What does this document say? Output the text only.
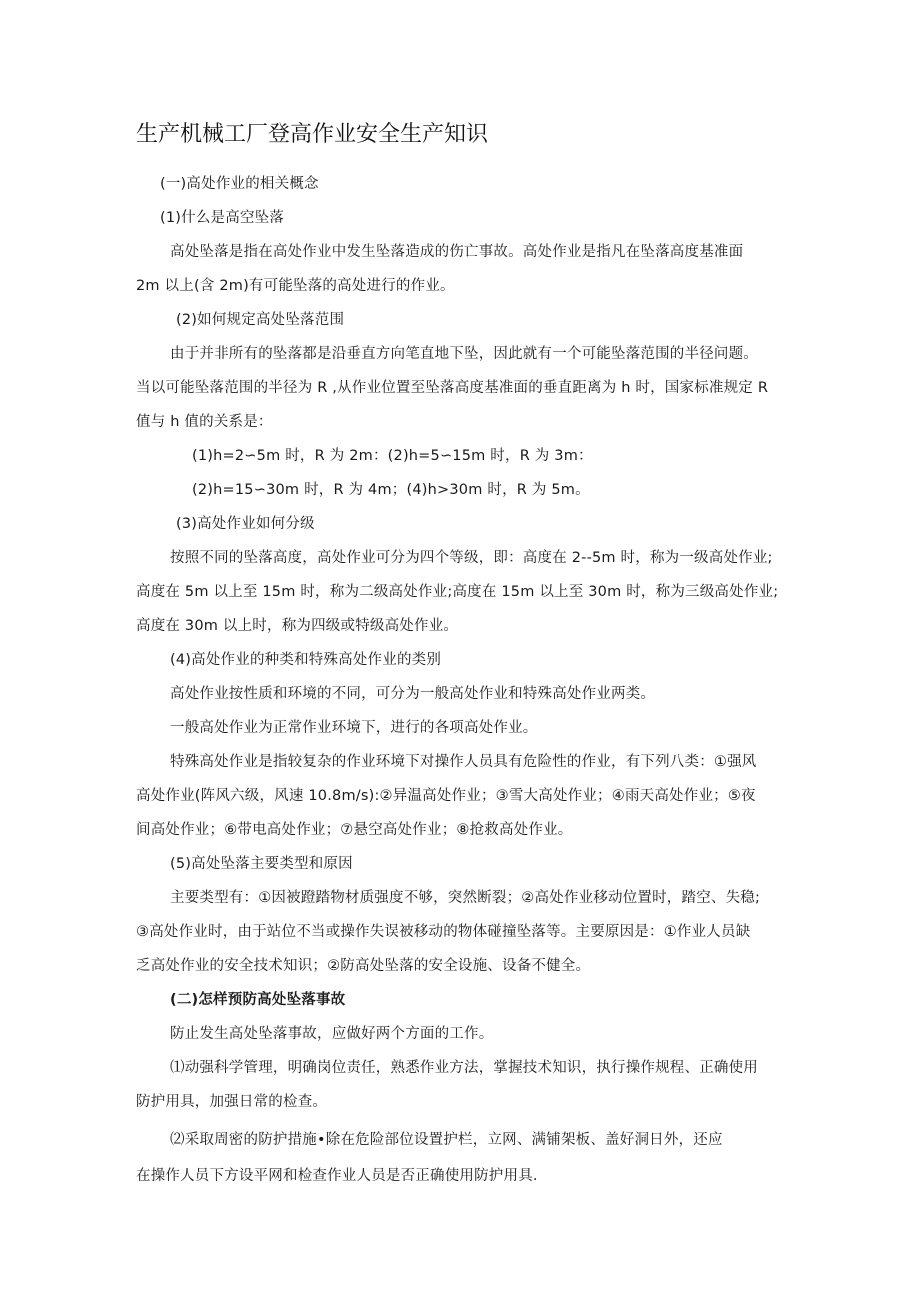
生产机械工厂登高作业安全生产知识
(一)高处作业的相关概念
(1)什么是高空坠落
高处坠落是指在高处作业中发生坠落造成的伤亡事故。高处作业是指凡在坠落高度基准面
2m 以上(含 2m)有可能坠落的高处进行的作业。
(2)如何规定高处坠落范围
由于并非所有的坠落都是沿垂直方向笔直地下坠，因此就有一个可能坠落范围的半径问题。
当以可能坠落范围的半径为 R ,从作业位置至坠落高度基准面的垂直距离为 h 时，国家标准规定 R
值与 h 值的关系是：
(1)h=2∽5m 时，R 为 2m：(2)h=5∽15m 时，R 为 3m：
(2)h=15∽30m 时，R 为 4m；(4)h>30m 时，R 为 5m。
(3)高处作业如何分级
按照不同的坠落高度，高处作业可分为四个等级，即：高度在 2--5m 时，称为一级高处作业;
高度在 5m 以上至 15m 时，称为二级高处作业;高度在 15m 以上至 30m 时，称为三级高处作业;
高度在 30m 以上时，称为四级或特级高处作业。
(4)高处作业的种类和特殊高处作业的类别
高处作业按性质和环境的不同，可分为一般高处作业和特殊高处作业两类。
一般高处作业为正常作业环境下，进行的各项高处作业。
特殊高处作业是指较复杂的作业环境下对操作人员具有危险性的作业，有下列八类：①强风
高处作业(阵风六级，风速 10.8m/s):②异温高处作业；③雪大高处作业；④雨天高处作业；⑤夜
间高处作业；⑥带电高处作业；⑦悬空高处作业；⑧抢救高处作业。
(5)高处坠落主要类型和原因
主要类型有：①因被蹬踏物材质强度不够，突然断裂；②高处作业移动位置时，踏空、失稳;
③高处作业时，由于站位不当或操作失误被移动的物体碰撞坠落等。主要原因是：①作业人员缺
乏高处作业的安全技术知识；②防高处坠落的安全设施、设备不健全。
(二)怎样预防高处坠落事故
防止发生高处坠落事故，应做好两个方面的工作。
⑴动强科学管理，明确岗位责任，熟悉作业方法，掌握技术知识，执行操作规程、正确使用
防护用具，加强日常的检查。
⑵采取周密的防护措施•除在危险部位设置护栏，立网、满铺架板、盖好洞日外，还应
在操作人员下方设平网和检查作业人员是否正确使用防护用具.
